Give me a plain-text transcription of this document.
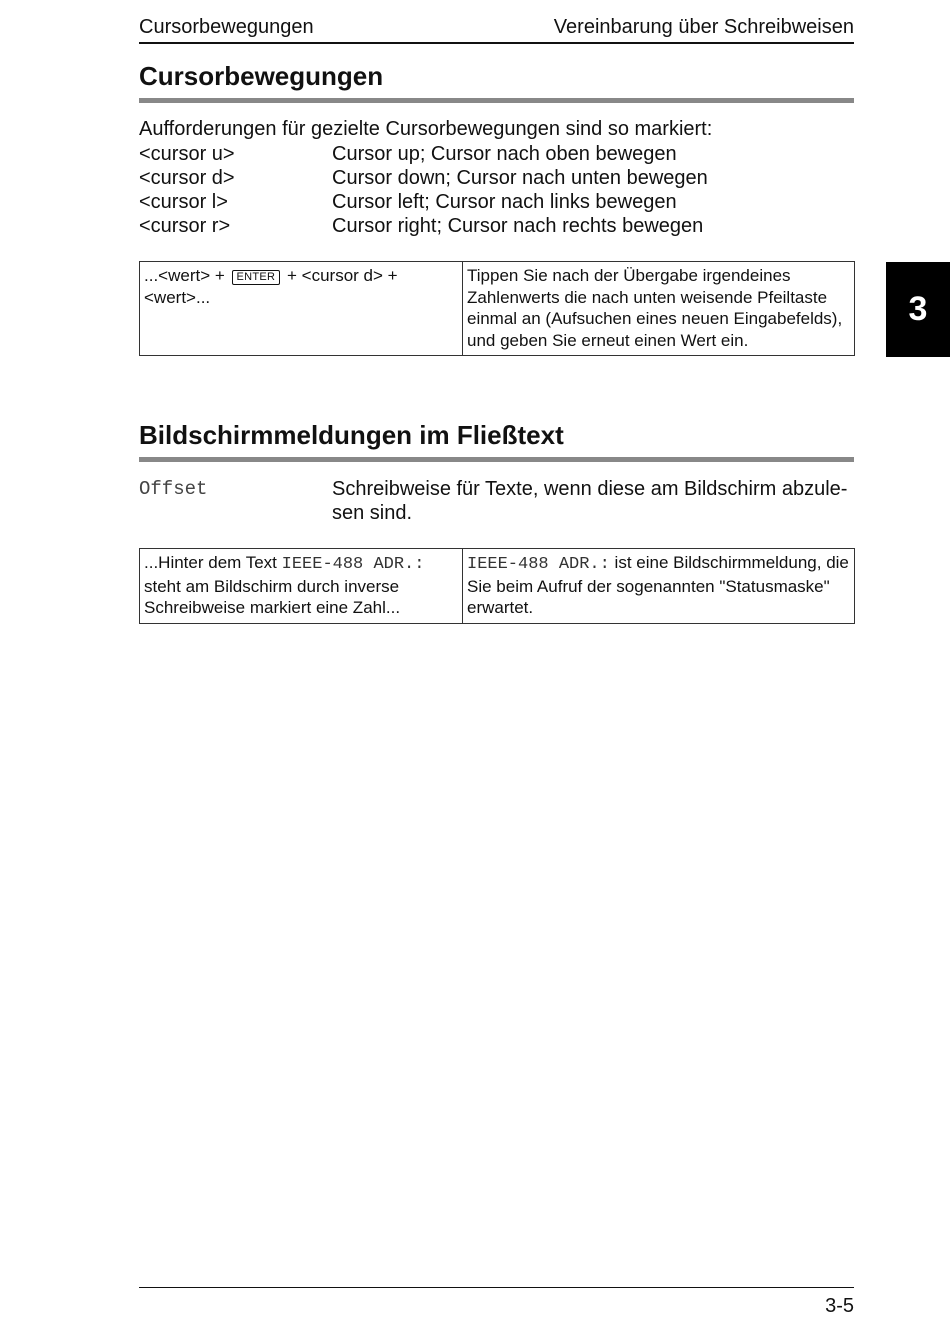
Cursorbewegungen	Vereinbarung über Schreibweisen
Cursorbewegungen
Aufforderungen für gezielte Cursorbewegungen sind so markiert:
<cursor u>	Cursor up; Cursor nach oben bewegen
<cursor d>	Cursor down; Cursor nach unten bewegen
<cursor l>	Cursor left; Cursor nach links bewegen
<cursor r>	Cursor right; Cursor nach rechts bewegen
...<wert> + ENTER + <cursor d> + <wert>...	Tippen Sie nach der Übergabe irgendeines Zahlenwerts die nach unten weisende Pfeiltaste einmal an (Aufsuchen eines neuen Eingabefelds), und geben Sie erneut einen Wert ein.
3
Bildschirmmeldungen im Fließtext
Offset	Schreibweise für Texte, wenn diese am Bildschirm abzule-
sen sind.
...Hinter dem Text IEEE-488 ADR.: steht am Bildschirm durch inverse Schreibweise markiert eine Zahl...	IEEE-488 ADR.: ist eine Bildschirmmeldung, die Sie beim Aufruf der sogenannten "Statusmaske" erwartet.
3-5
